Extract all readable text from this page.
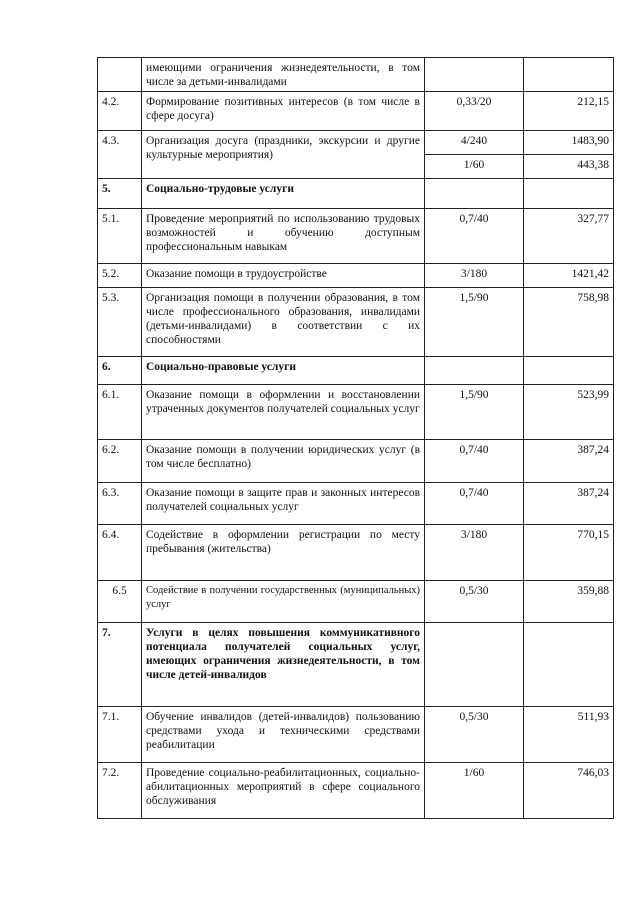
	имеющими ограничения жизнедеятельности, в том числе за детьми-инвалидами		
4.2.	Формирование позитивных интересов (в том числе в сфере досуга)	0,33/20	212,15
4.3.	Организация досуга (праздники, экскурсии и другие культурные мероприятия)	4/240	1483,90
		1/60	443,38
5.	Социально-трудовые услуги		
5.1.	Проведение мероприятий по использованию трудовых возможностей и обучению доступным профессиональным навыкам	0,7/40	327,77
5.2.	Оказание помощи в трудоустройстве	3/180	1421,42
5.3.	Организация помощи в получении образования, в том числе профессионального образования, инвалидами (детьми-инвалидами) в соответствии с их способностями	1,5/90	758,98
6.	Социально-правовые услуги		
6.1.	Оказание помощи в оформлении и восстановлении утраченных документов получателей социальных услуг	1,5/90	523,99
6.2.	Оказание помощи в получении юридических услуг (в том числе бесплатно)	0,7/40	387,24
6.3.	Оказание помощи в защите прав и законных интересов получателей социальных услуг	0,7/40	387,24
6.4.	Содействие в оформлении регистрации по месту пребывания (жительства)	3/180	770,15
6.5	Содействие в получении государственных (муниципальных) услуг	0,5/30	359,88
7.	Услуги в целях повышения коммуникативного потенциала получателей социальных услуг, имеющих ограничения жизнедеятельности, в том числе детей-инвалидов		
7.1.	Обучение инвалидов (детей-инвалидов) пользованию средствами ухода и техническими средствами реабилитации	0,5/30	511,93
7.2.	Проведение социально-реабилитационных, социально-абилитационных мероприятий в сфере социального обслуживания	1/60	746,03
